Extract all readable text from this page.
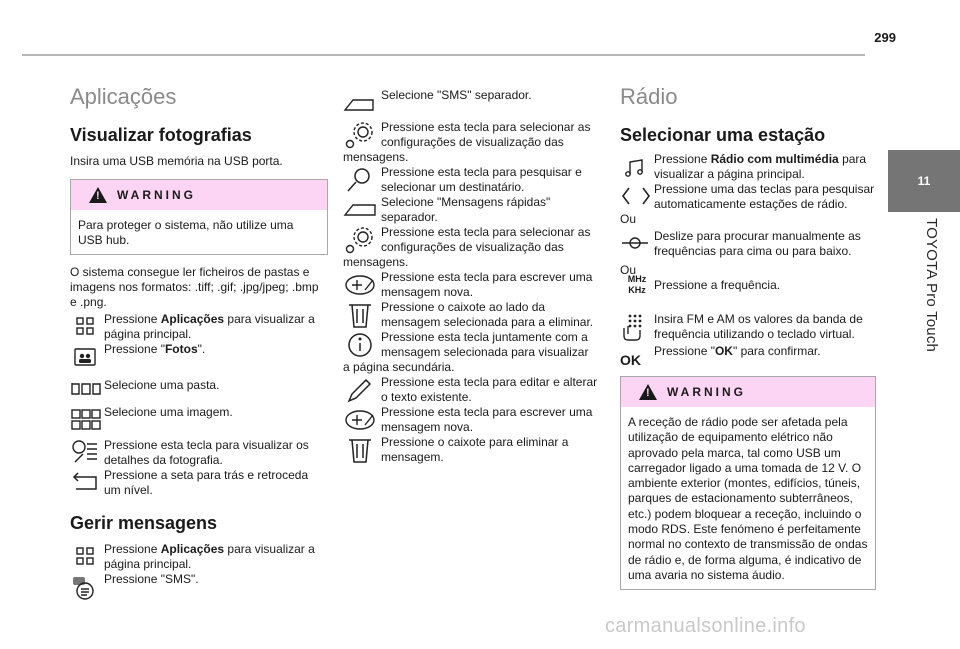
299
11
TOYOTA Pro Touch
Aplicações
Visualizar fotografias
Insira uma USB memória na USB porta.
!
WARNING
Para proteger o sistema, não utilize uma USB hub.
O sistema consegue ler ficheiros de pastas e imagens nos formatos: .tiff; .gif; .jpg/jpeg; .bmp e .png.
Pressione Aplicações para visualizar a página principal.
Pressione "Fotos".
Selecione uma pasta.
Selecione uma imagem.
Pressione esta tecla para visualizar os detalhes da fotografia.
Pressione a seta para trás e retroceda um nível.
Gerir mensagens
Pressione Aplicações para visualizar a página principal.
Pressione "SMS".
Selecione "SMS" separador.
Pressione esta tecla para selecionar as configurações de visualização das mensagens.
Pressione esta tecla para pesquisar e selecionar um destinatário.
Selecione "Mensagens rápidas" separador.
Pressione esta tecla para selecionar as configurações de visualização das mensagens.
Pressione esta tecla para escrever uma mensagem nova.
Pressione o caixote ao lado da mensagem selecionada para a eliminar.
Pressione esta tecla juntamente com a mensagem selecionada para visualizar a página secundária.
Pressione esta tecla para editar e alterar o texto existente.
Pressione esta tecla para escrever uma mensagem nova.
Pressione o caixote para eliminar a mensagem.
Rádio
Selecionar uma estação
Pressione Rádio com multimédia para visualizar a página principal.
Pressione uma das teclas para pesquisar automaticamente estações de rádio.
Ou
Deslize para procurar manualmente as frequências para cima ou para baixo.
Ou
MHz
KHz Pressione a frequência.
Insira FM e AM os valores da banda de frequência utilizando o teclado virtual.
OK
Pressione "OK" para confirmar.
!
WARNING
A receção de rádio pode ser afetada pela utilização de equipamento elétrico não aprovado pela marca, tal como USB um carregador ligado a uma tomada de 12 V. O ambiente exterior (montes, edifícios, túneis, parques de estacionamento subterrâneos, etc.) podem bloquear a receção, incluindo o modo RDS. Este fenómeno é perfeitamente normal no contexto de transmissão de ondas de rádio e, de forma alguma, é indicativo de uma avaria no sistema áudio.
carmanualsonline.info
